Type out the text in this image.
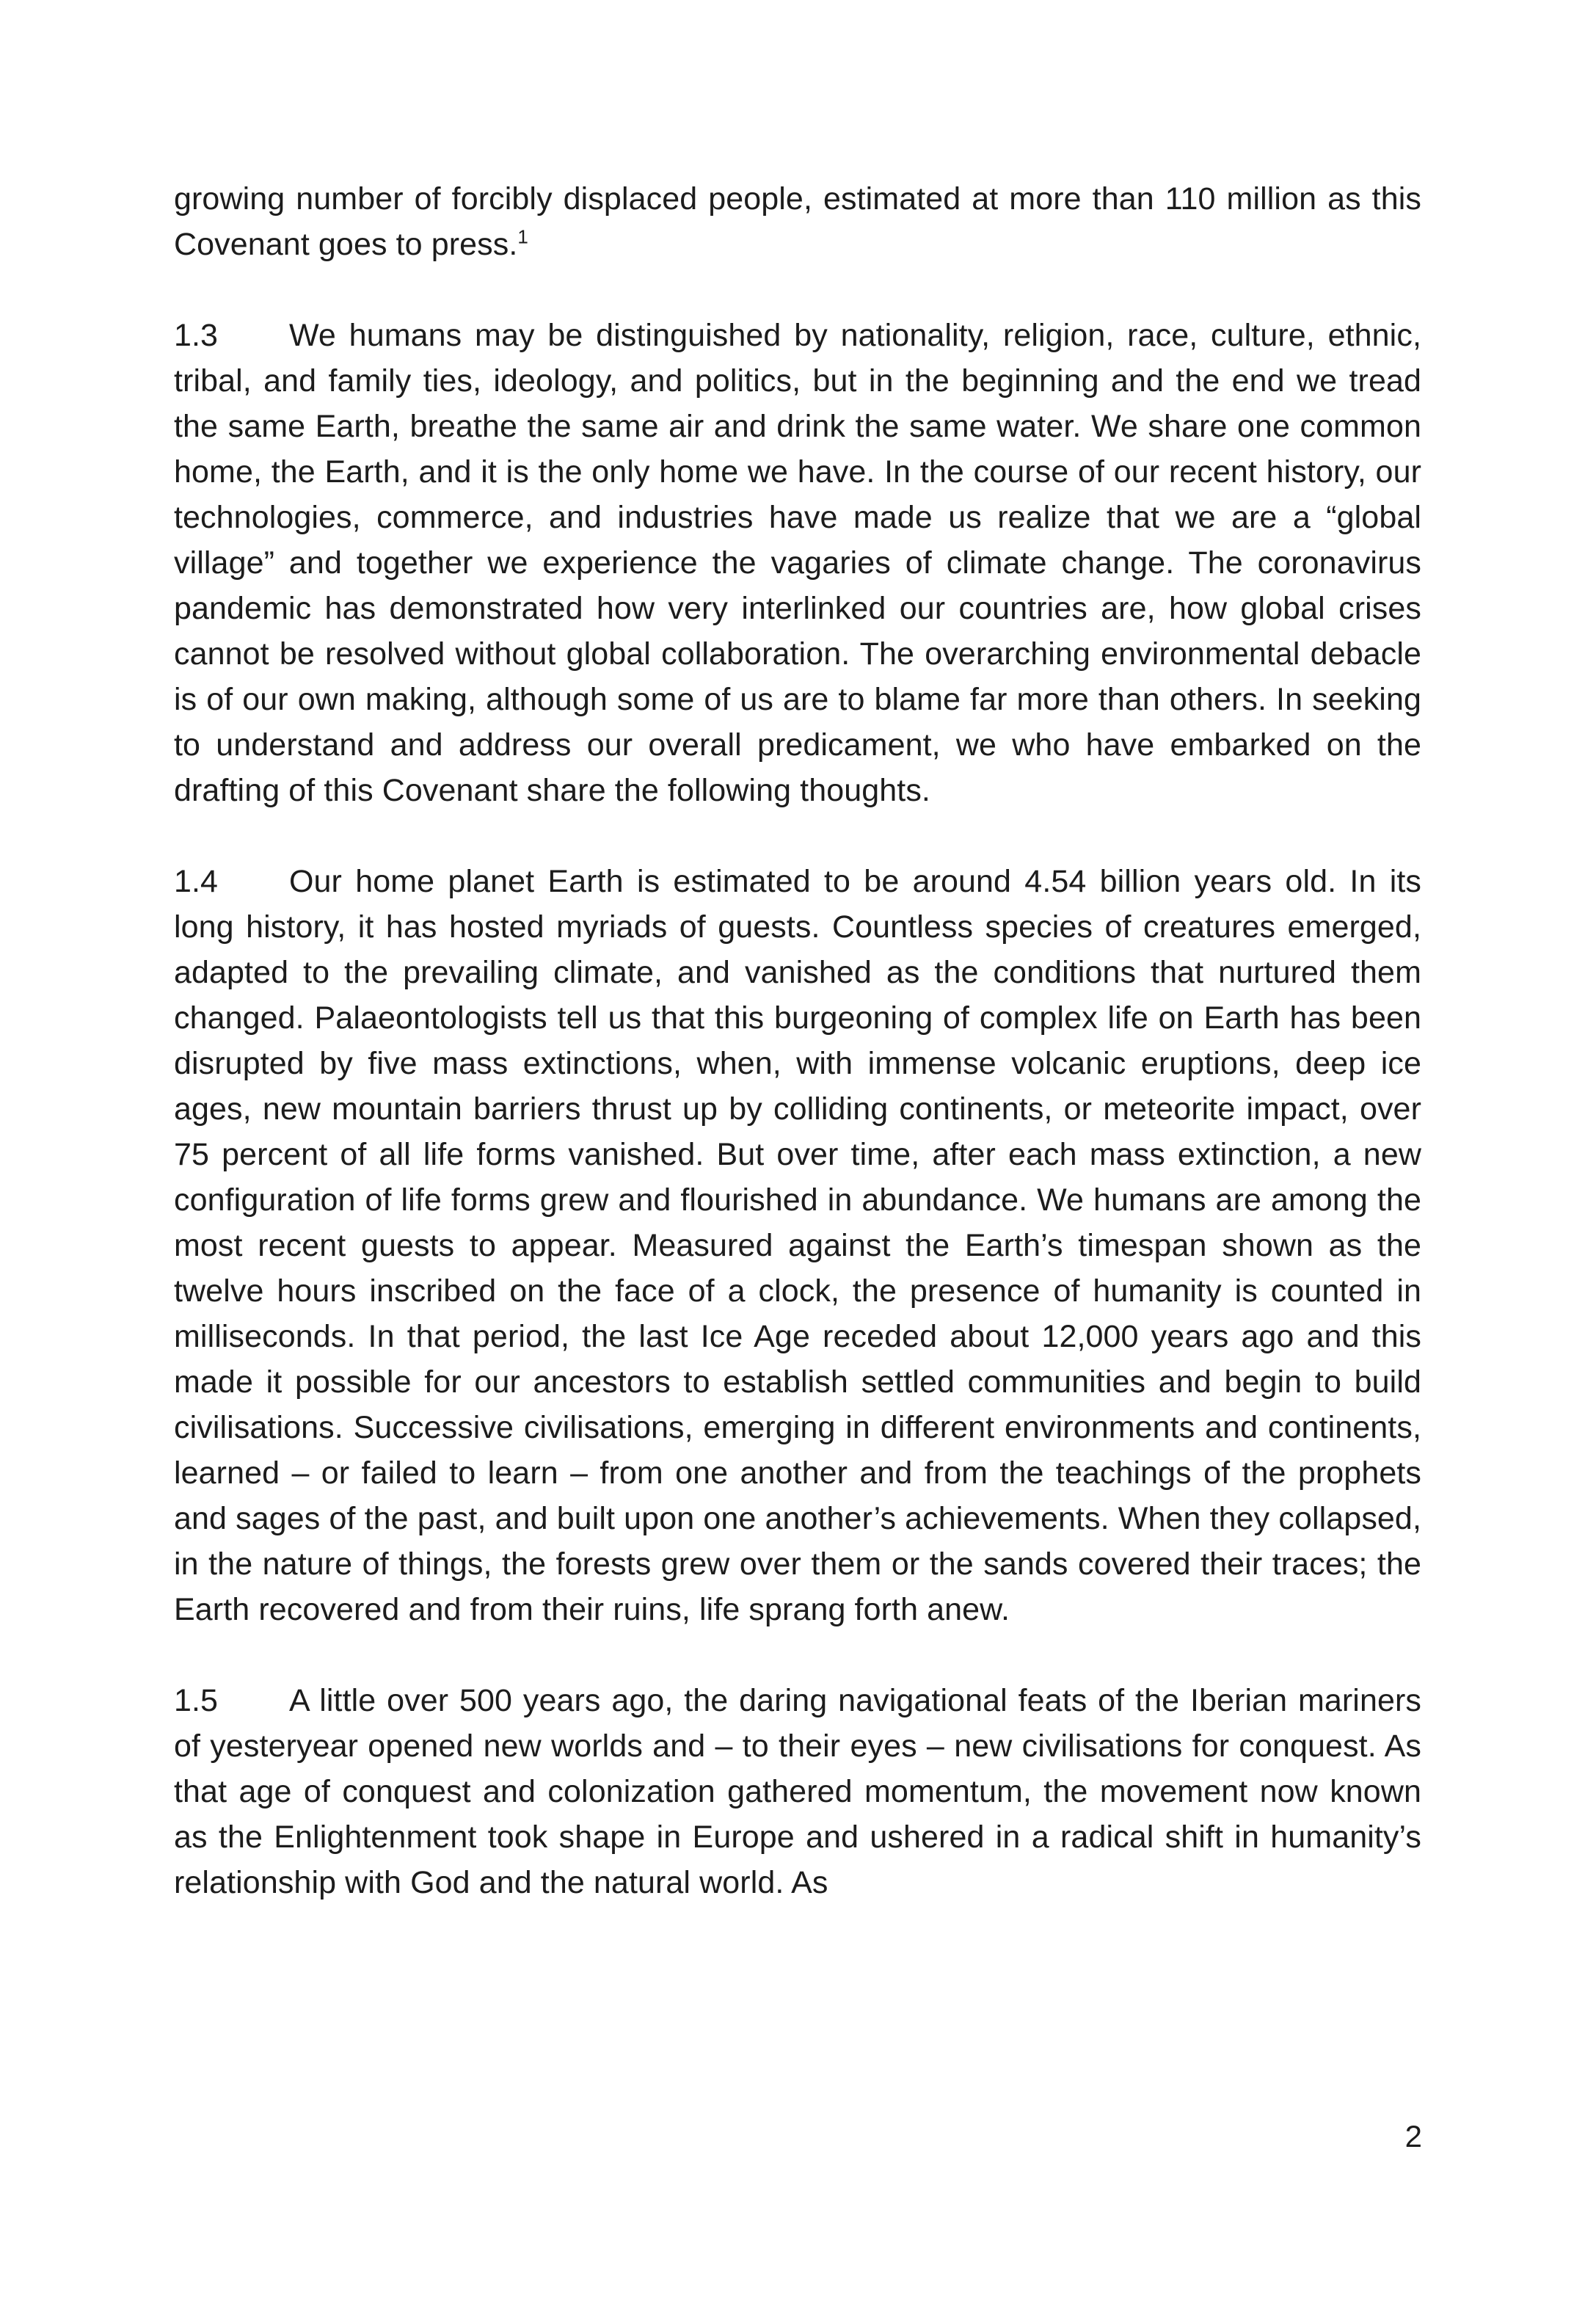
growing number of forcibly displaced people, estimated at more than 110 million as this Covenant goes to press.$^1$

1.3 We humans may be distinguished by nationality, religion, race, culture, ethnic, tribal, and family ties, ideology, and politics, but in the beginning and the end we tread the same Earth, breathe the same air and drink the same water. We share one common home, the Earth, and it is the only home we have. In the course of our recent history, our technologies, commerce, and industries have made us realize that we are a “global village” and together we experience the vagaries of climate change. The coronavirus pandemic has demonstrated how very interlinked our countries are, how global crises cannot be resolved without global collaboration. The overarching environmental debacle is of our own making, although some of us are to blame far more than others. In seeking to understand and address our overall predicament, we who have embarked on the drafting of this Covenant share the following thoughts.

1.4 Our home planet Earth is estimated to be around 4.54 billion years old. In its long history, it has hosted myriads of guests. Countless species of creatures emerged, adapted to the prevailing climate, and vanished as the conditions that nurtured them changed. Palaeontologists tell us that this burgeoning of complex life on Earth has been disrupted by five mass extinctions, when, with immense volcanic eruptions, deep ice ages, new mountain barriers thrust up by colliding continents, or meteorite impact, over 75 percent of all life forms vanished. But over time, after each mass extinction, a new configuration of life forms grew and flourished in abundance. We humans are among the most recent guests to appear. Measured against the Earth’s timespan shown as the twelve hours inscribed on the face of a clock, the presence of humanity is counted in milliseconds. In that period, the last Ice Age receded about 12,000 years ago and this made it possible for our ancestors to establish settled communities and begin to build civilisations. Successive civilisations, emerging in different environments and continents, learned – or failed to learn – from one another and from the teachings of the prophets and sages of the past, and built upon one another’s achievements. When they collapsed, in the nature of things, the forests grew over them or the sands covered their traces; the Earth recovered and from their ruins, life sprang forth anew.

1.5 A little over 500 years ago, the daring navigational feats of the Iberian mariners of yesteryear opened new worlds and – to their eyes – new civilisations for conquest. As that age of conquest and colonization gathered momentum, the movement now known as the Enlightenment took shape in Europe and ushered in a radical shift in humanity’s relationship with God and the natural world. As

2
